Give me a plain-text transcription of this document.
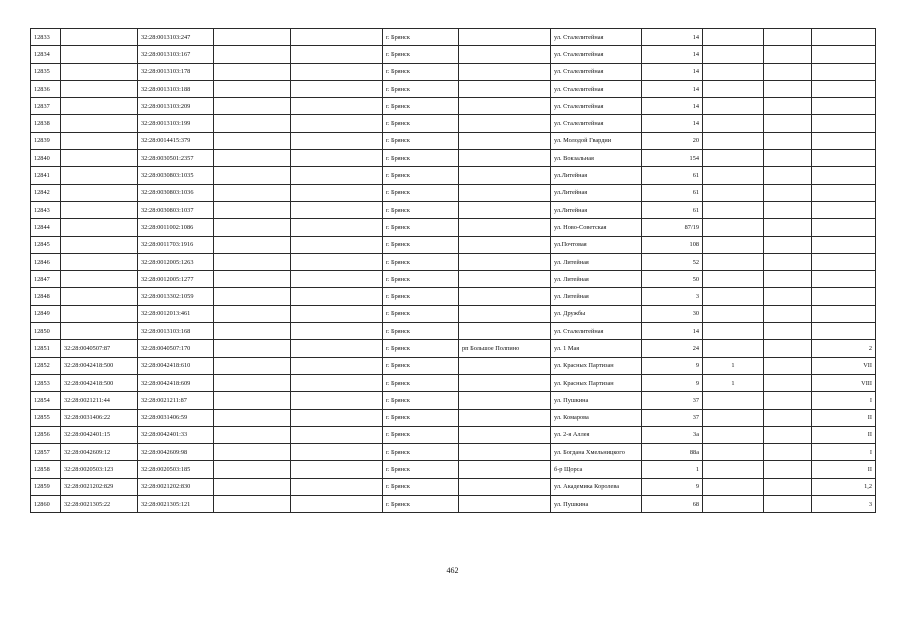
12833		32:28:0013103:247			г. Брянск		ул. Сталелитейная	14			
12834		32:28:0013103:167			г. Брянск		ул. Сталелитейная	14			
12835		32:28:0013103:178			г. Брянск		ул. Сталелитейная	14			
12836		32:28:0013103:188			г. Брянск		ул. Сталелитейная	14			
12837		32:28:0013103:209			г. Брянск		ул. Сталелитейная	14			
12838		32:28:0013103:199			г. Брянск		ул. Сталелитейная	14			
12839		32:28:0014415:379			г. Брянск		ул. Молодой Гвардии	20			
12840		32:28:0030501:2357			г. Брянск		ул. Вокзальная	154			
12841		32:28:0030803:1035			г. Брянск		ул.Литейная	61			
12842		32:28:0030803:1036			г. Брянск		ул.Литейная	61			
12843		32:28:0030803:1037			г. Брянск		ул.Литейная	61			
12844		32:28:0011002:1086			г. Брянск		ул. Ново-Советская	87/19			
12845		32:28:0011703:1916			г. Брянск		ул.Почтовая	108			
12846		32:28:0012005:1263			г. Брянск		ул. Литейная	52			
12847		32:28:0012005:1277			г. Брянск		ул. Литейная	50			
12848		32:28:0013302:1059			г. Брянск		ул. Литейная	3			
12849		32:28:0012013:461			г. Брянск		ул. Дружбы	30			
12850		32:28:0013103:168			г. Брянск		ул. Сталелитейная	14			
12851	32:28:0040507:87	32:28:0040507:170			г. Брянск	рп Большое Полпино	ул. 1 Мая	24			2
12852	32:28:0042418:500	32:28:0042418:610			г. Брянск		ул. Красных Партизан	9	1		VII
12853	32:28:0042418:500	32:28:0042418:609			г. Брянск		ул. Красных Партизан	9	1		VIII
12854	32:28:0021211:44	32:28:0021211:87			г. Брянск		ул. Пушкина	37			I
12855	32:28:0031406:22	32:28:0031406:59			г. Брянск		ул. Комарова	37			II
12856	32:28:0042401:15	32:28:0042401:33			г. Брянск		ул. 2-я Аллея	3а			II
12857	32:28:0042609:12	32:28:0042609:98			г. Брянск		ул. Богдана Хмельницкого	88а			I
12858	32:28:0020503:123	32:28:0020503:185			г. Брянск		б-р Щорса	1			II
12859	32:28:0021202:829	32:28:0021202:830			г. Брянск		ул. Академика Королева	9			1,2
12860	32:28:0021305:22	32:28:0021305:121			г. Брянск		ул. Пушкина	68			3
462
